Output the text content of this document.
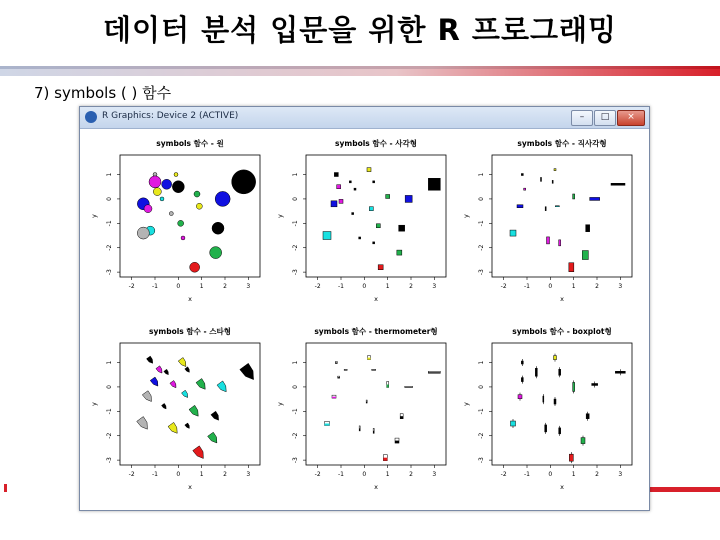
데이터 분석 입문을 위한 R 프로그래밍
7) symbols ( ) 함수
R Graphics: Device 2 (ACTIVE)	–	□	×
symbols 함수 - 원
-2	-1	0	1	2	3
1
0
-1
-2
-3
x
y
symbols 함수 - 사각형
-2	-1	0	1	2	3
1
0
-1
-2
-3
x
y
symbols 함수 - 직사각형
-2	-1	0	1	2	3
1
0
-1
-2
-3
x
y
symbols 함수 - 스타형
-2	-1	0	1	2	3
1
0
-1
-2
-3
x
y
symbols 함수 - thermometer형
-2	-1	0	1	2	3
1
0
-1
-2
-3
x
y
symbols 함수 - boxplot형
-2	-1	0	1	2	3
1
0
-1
-2
-3
x
y
